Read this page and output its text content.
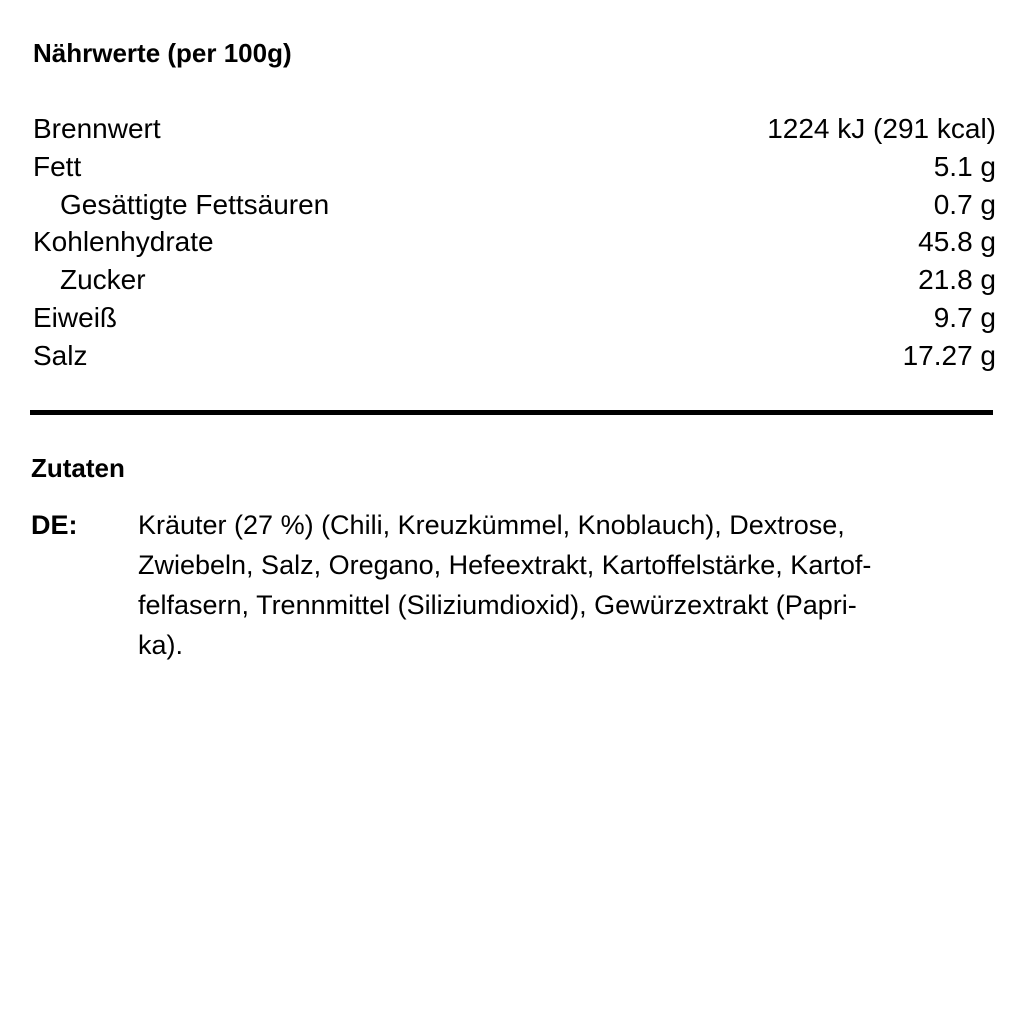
Nährwerte (per 100g)
Brennwert	1224 kJ (291 kcal)
Fett	5.1 g
Gesättigte Fettsäuren	0.7 g
Kohlenhydrate	45.8 g
Zucker	21.8 g
Eiweiß	9.7 g
Salz	17.27 g
Zutaten
DE:	Kräuter (27 %) (Chili, Kreuzkümmel, Knoblauch), Dextrose,
Zwiebeln, Salz, Oregano, Hefeextrakt, Kartoffelstärke, Kartof-
felfasern, Trennmittel (Siliziumdioxid), Gewürzextrakt (Papri-
ka).
